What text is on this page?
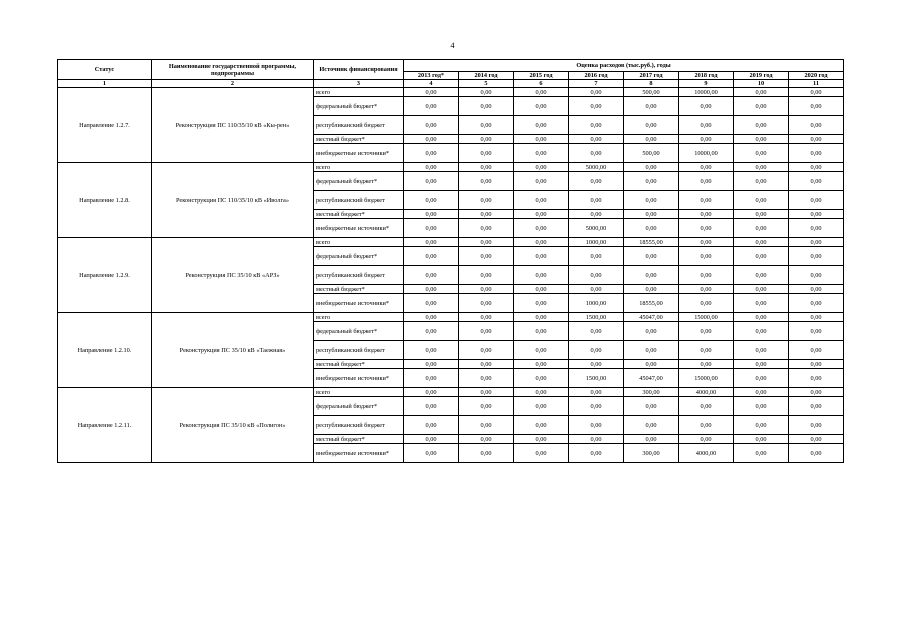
4
Статус	Наименование государственной программы, подпрограммы	Источник финансирования	Оценка расходов (тыс.руб.), годы							
			2013 год*	2014 год	2015 год	2016 год	2017 год	2018 год	2019 год	2020 год
1	2	3	4	5	6	7	8	9	10	11
Направление 1.2.7.	Реконструкция ПС 110/35/10 кВ «Кы-рен»	всего	0,00	0,00	0,00	0,00	500,00	10000,00	0,00	0,00
		федеральный бюджет*	0,00	0,00	0,00	0,00	0,00	0,00	0,00	0,00
		республиканский бюджет	0,00	0,00	0,00	0,00	0,00	0,00	0,00	0,00
		местный бюджет*	0,00	0,00	0,00	0,00	0,00	0,00	0,00	0,00
		внебюджетные источники*	0,00	0,00	0,00	0,00	500,00	10000,00	0,00	0,00
Направление 1.2.8.	Реконструкция ПС 110/35/10 кВ «Иволга»	всего	0,00	0,00	0,00	5000,00	0,00	0,00	0,00	0,00
		федеральный бюджет*	0,00	0,00	0,00	0,00	0,00	0,00	0,00	0,00
		республиканский бюджет	0,00	0,00	0,00	0,00	0,00	0,00	0,00	0,00
		местный бюджет*	0,00	0,00	0,00	0,00	0,00	0,00	0,00	0,00
		внебюджетные источники*	0,00	0,00	0,00	5000,00	0,00	0,00	0,00	0,00
Направление 1.2.9.	Реконструкция ПС 35/10 кВ «АРЗ»	всего	0,00	0,00	0,00	1000,00	18555,00	0,00	0,00	0,00
		федеральный бюджет*	0,00	0,00	0,00	0,00	0,00	0,00	0,00	0,00
		республиканский бюджет	0,00	0,00	0,00	0,00	0,00	0,00	0,00	0,00
		местный бюджет*	0,00	0,00	0,00	0,00	0,00	0,00	0,00	0,00
		внебюджетные источники*	0,00	0,00	0,00	1000,00	18555,00	0,00	0,00	0,00
Направление 1.2.10.	Реконструкция ПС 35/10 кВ «Таежная»	всего	0,00	0,00	0,00	1500,00	45047,00	15000,00	0,00	0,00
		федеральный бюджет*	0,00	0,00	0,00	0,00	0,00	0,00	0,00	0,00
		республиканский бюджет	0,00	0,00	0,00	0,00	0,00	0,00	0,00	0,00
		местный бюджет*	0,00	0,00	0,00	0,00	0,00	0,00	0,00	0,00
		внебюджетные источники*	0,00	0,00	0,00	1500,00	45047,00	15000,00	0,00	0,00
Направление 1.2.11.	Реконструкция ПС 35/10 кВ «Полигон»	всего	0,00	0,00	0,00	0,00	300,00	4000,00	0,00	0,00
		федеральный бюджет*	0,00	0,00	0,00	0,00	0,00	0,00	0,00	0,00
		республиканский бюджет	0,00	0,00	0,00	0,00	0,00	0,00	0,00	0,00
		местный бюджет*	0,00	0,00	0,00	0,00	0,00	0,00	0,00	0,00
		внебюджетные источники*	0,00	0,00	0,00	0,00	300,00	4000,00	0,00	0,00
